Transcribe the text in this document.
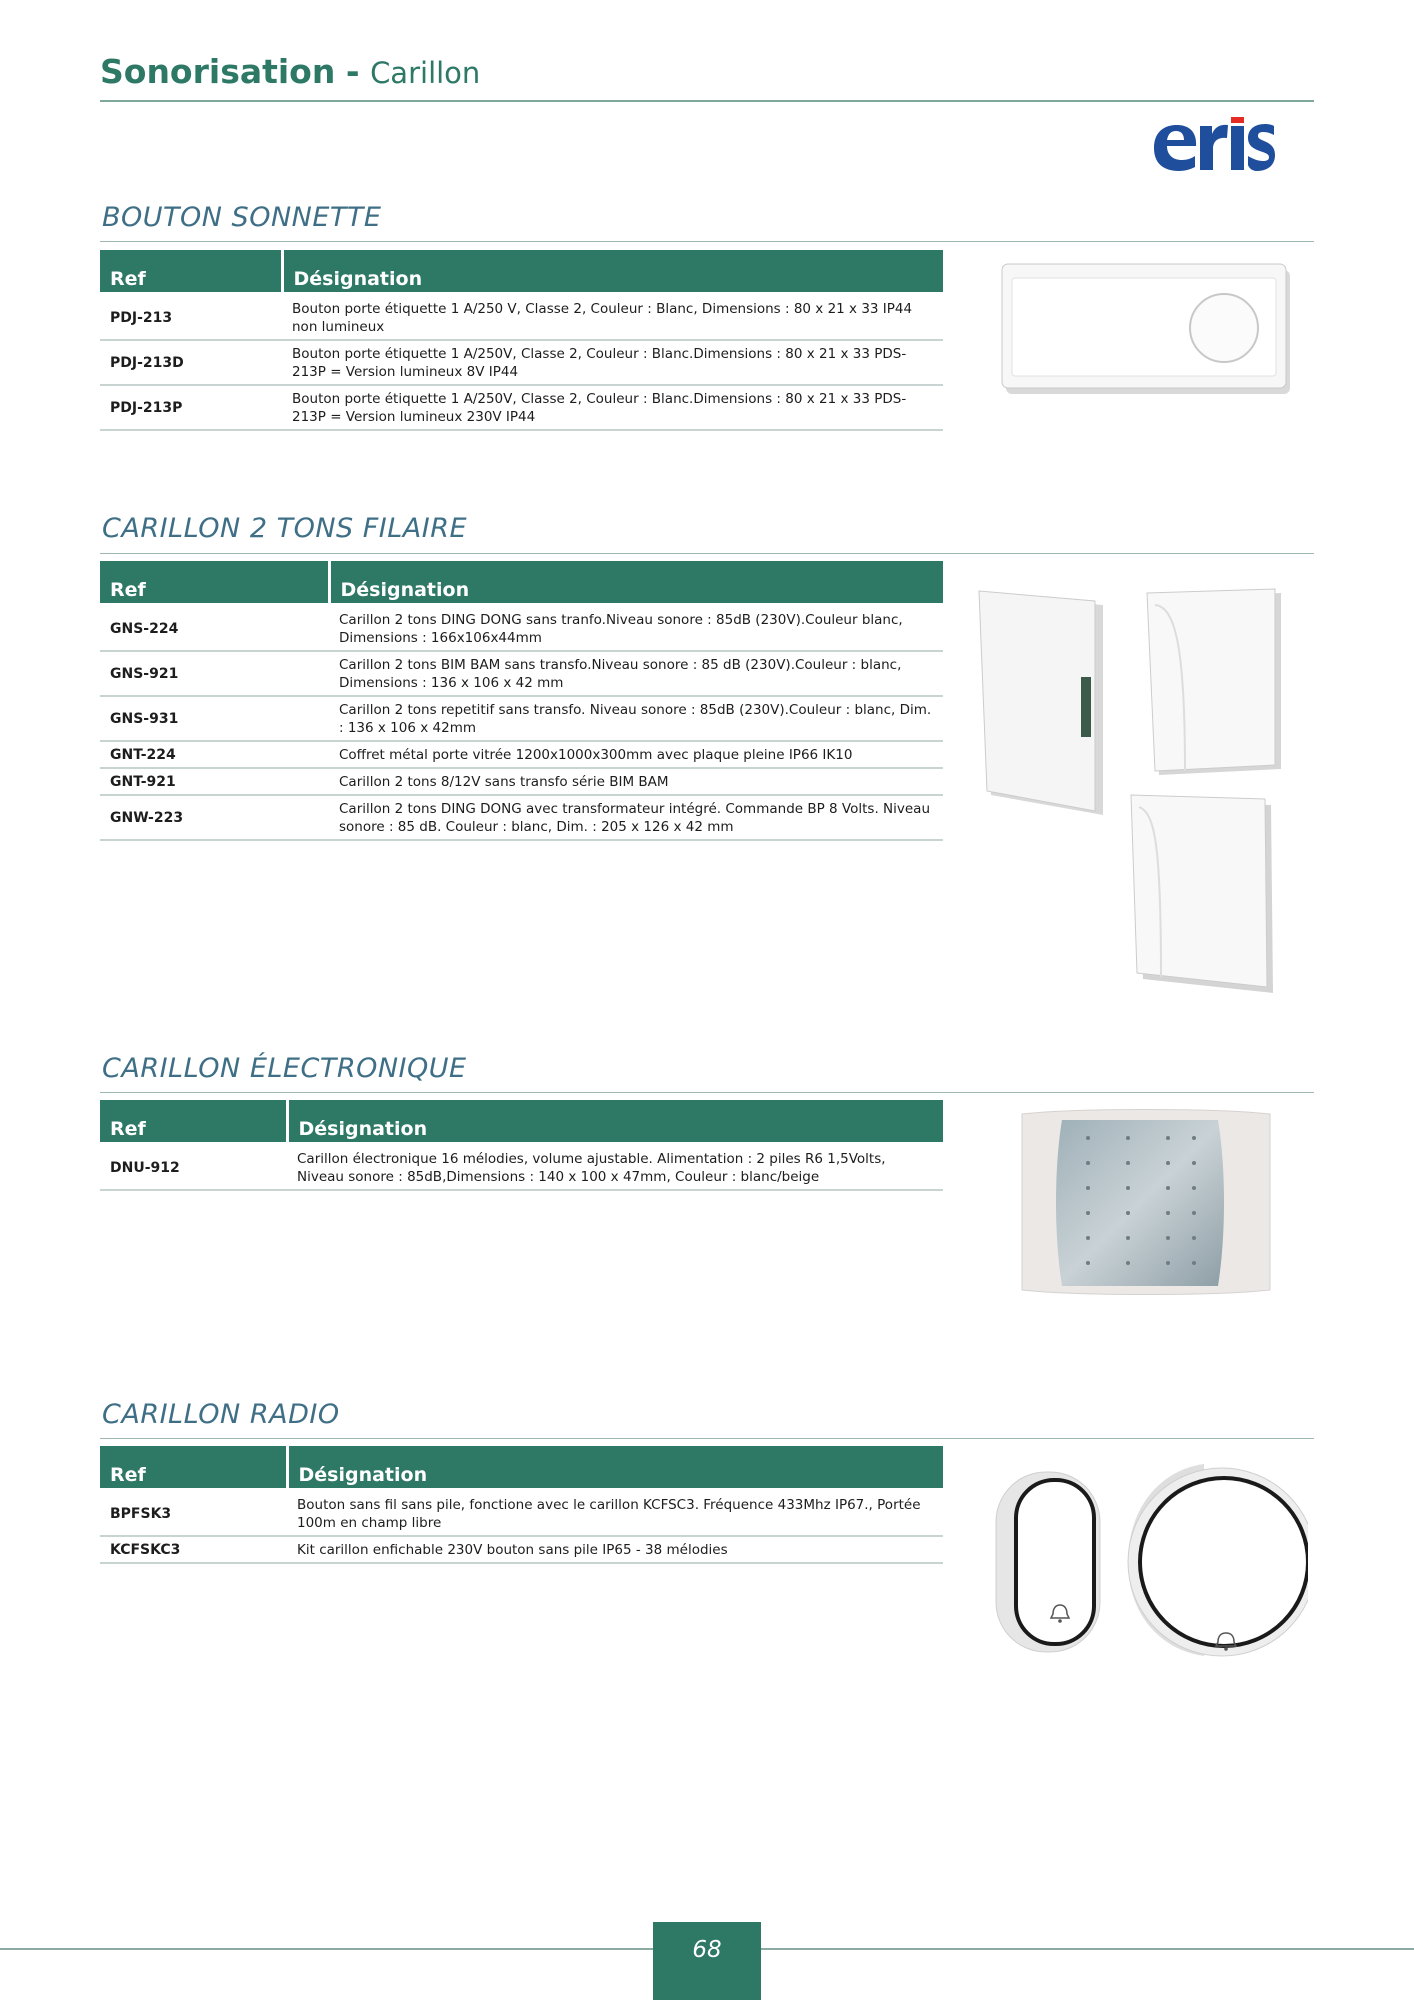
Sonorisation - Carillon
eris
BOUTON SONNETTE
Ref	Désignation
PDJ-213	Bouton porte étiquette 1 A/250 V, Classe 2, Couleur : Blanc, Dimensions : 80 x 21 x 33 IP44 non lumineux
PDJ-213D	Bouton porte étiquette 1 A/250V, Classe 2, Couleur : Blanc.Dimensions : 80 x 21 x 33 PDS-213P = Version lumineux 8V IP44
PDJ-213P	Bouton porte étiquette 1 A/250V, Classe 2, Couleur : Blanc.Dimensions : 80 x 21 x 33 PDS-213P = Version lumineux 230V IP44
CARILLON 2 TONS FILAIRE
Ref	Désignation
GNS-224	Carillon 2 tons DING DONG sans tranfo.Niveau sonore : 85dB (230V).Couleur blanc, Dimensions : 166x106x44mm
GNS-921	Carillon 2 tons BIM BAM sans transfo.Niveau sonore : 85 dB (230V).Couleur : blanc, Dimensions : 136 x 106 x 42 mm
GNS-931	Carillon 2 tons repetitif sans transfo. Niveau sonore : 85dB (230V).Couleur : blanc, Dim. : 136 x 106 x 42mm
GNT-224	Coffret métal porte vitrée 1200x1000x300mm avec plaque pleine IP66 IK10
GNT-921	Carillon 2 tons 8/12V sans transfo série BIM BAM
GNW-223	Carillon 2 tons DING DONG avec transformateur intégré. Commande BP 8 Volts. Niveau sonore : 85 dB. Couleur : blanc, Dim. : 205 x 126 x 42 mm
CARILLON ÉLECTRONIQUE
Ref	Désignation
DNU-912	Carillon électronique 16 mélodies, volume ajustable. Alimentation : 2 piles R6 1,5Volts, Niveau sonore : 85dB,Dimensions : 140 x 100 x 47mm, Couleur : blanc/beige
CARILLON RADIO
Ref	Désignation
BPFSK3	Bouton sans fil sans pile, fonctione avec le carillon KCFSC3. Fréquence 433Mhz IP67., Portée 100m en champ libre
KCFSKC3	Kit carillon enfichable 230V bouton sans pile IP65 - 38 mélodies
68
